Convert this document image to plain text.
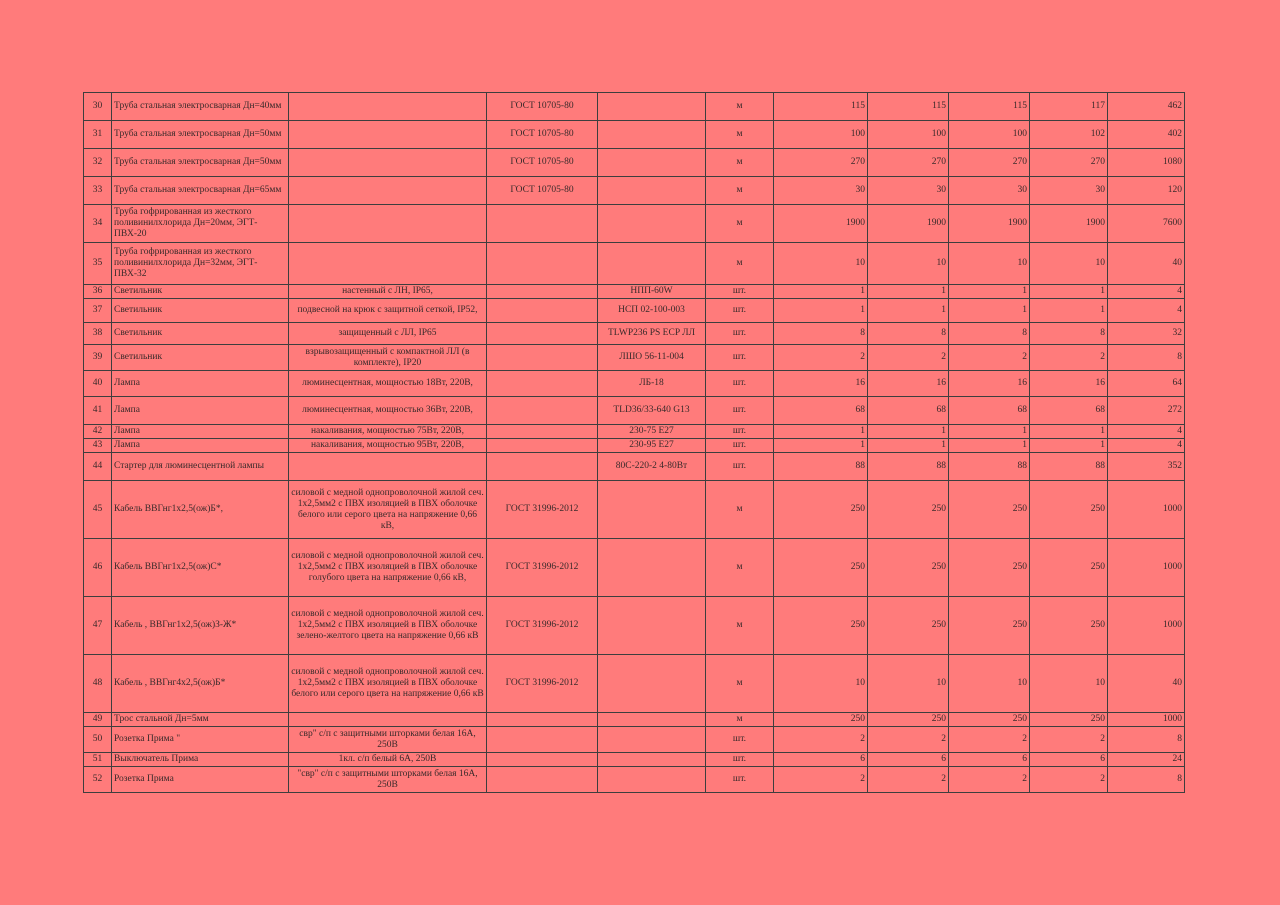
30	Труба стальная электросварная Дн=40мм		ГОСТ 10705-80		м	115	115	115	117	462
31	Труба стальная электросварная Дн=50мм		ГОСТ 10705-80		м	100	100	100	102	402
32	Труба стальная электросварная Дн=50мм		ГОСТ 10705-80		м	270	270	270	270	1080
33	Труба стальная электросварная Дн=65мм		ГОСТ 10705-80		м	30	30	30	30	120
34	Труба гофрированная из жесткого поливинилхлорида Дн=20мм, ЭГТ-ПВХ-20				м	1900	1900	1900	1900	7600
35	Труба гофрированная из жесткого поливинилхлорида Дн=32мм, ЭГТ-ПВХ-32				м	10	10	10	10	40
36	Светильник	настенный с ЛН, IP65,		НПП-60W	шт.	1	1	1	1	4
37	Светильник	подвесной на крюк с защитной сеткой, IP52,		НСП 02-100-003	шт.	1	1	1	1	4
38	Светильник	защищенный с ЛЛ, IP65		TLWP236 PS ECP ЛЛ	шт.	8	8	8	8	32
39	Светильник	взрывозащищенный с компактной ЛЛ (в комплекте), IP20		ЛШО 56-11-004	шт.	2	2	2	2	8
40	Лампа	люминесцентная, мощностью 18Вт, 220В,		ЛБ-18	шт.	16	16	16	16	64
41	Лампа	люминесцентная, мощностью 36Вт, 220В,		TLD36/33-640 G13	шт.	68	68	68	68	272
42	Лампа	накаливания, мощностью 75Вт, 220В,		230-75 E27	шт.	1	1	1	1	4
43	Лампа	накаливания, мощностью 95Вт, 220В,		230-95 E27	шт.	1	1	1	1	4
44	Стартер для люминесцентной лампы			80С-220-2 4-80Вт	шт.	88	88	88	88	352
45	Кабель ВВГнг1х2,5(ож)Б*,	силовой с медной однопроволочной жилой сеч. 1х2,5мм2 с ПВХ изоляцией в ПВХ оболочке белого или серого цвета на напряжение 0,66 кВ,	ГОСТ 31996-2012		м	250	250	250	250	1000
46	Кабель ВВГнг1х2,5(ож)С*	силовой с медной однопроволочной жилой сеч. 1х2,5мм2 с ПВХ изоляцией в ПВХ оболочке голубого цвета на напряжение 0,66 кВ,	ГОСТ 31996-2012		м	250	250	250	250	1000
47	Кабель , ВВГнг1х2,5(ож)З-Ж*	силовой с медной однопроволочной жилой сеч. 1х2,5мм2 с ПВХ изоляцией в ПВХ оболочке зелено-желтого цвета на напряжение 0,66 кВ	ГОСТ 31996-2012		м	250	250	250	250	1000
48	Кабель , ВВГнг4х2,5(ож)Б*	силовой с медной однопроволочной жилой сеч. 1х2,5мм2 с ПВХ изоляцией в ПВХ оболочке белого или серого цвета на напряжение 0,66 кВ	ГОСТ 31996-2012		м	10	10	10	10	40
49	Трос стальной Дн=5мм				м	250	250	250	250	1000
50	Розетка Прима "	свр" с/п с защитными шторками белая 16А, 250В			шт.	2	2	2	2	8
51	Выключатель Прима	1кл. с/п белый 6А, 250В			шт.	6	6	6	6	24
52	Розетка Прима	"свр" с/п с защитными шторками белая 16А, 250В			шт.	2	2	2	2	8
